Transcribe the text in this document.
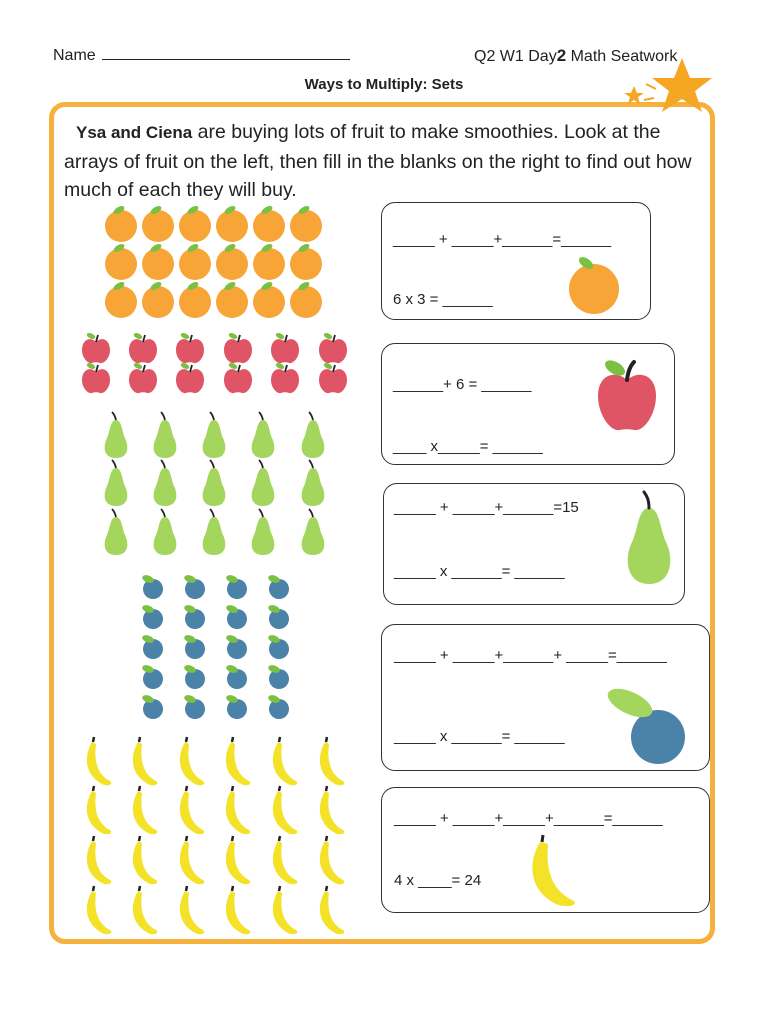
Name	Q2 W1 Day2 Math Seatwork
Ways to Multiply: Sets
Ysa and Ciena are buying lots of fruit to make smoothies. Look at the arrays of fruit on the left, then fill in the blanks on the right to find out how much of each they will buy.
_____ + _____+______=______
6 x 3 = ______
______+ 6 = ______
____ x_____= ______
_____ + _____+______=15
_____ x ______= ______
_____ + _____+______+ _____=______
_____ x ______= ______
_____ + _____+_____+______=______
4 x ____= 24
